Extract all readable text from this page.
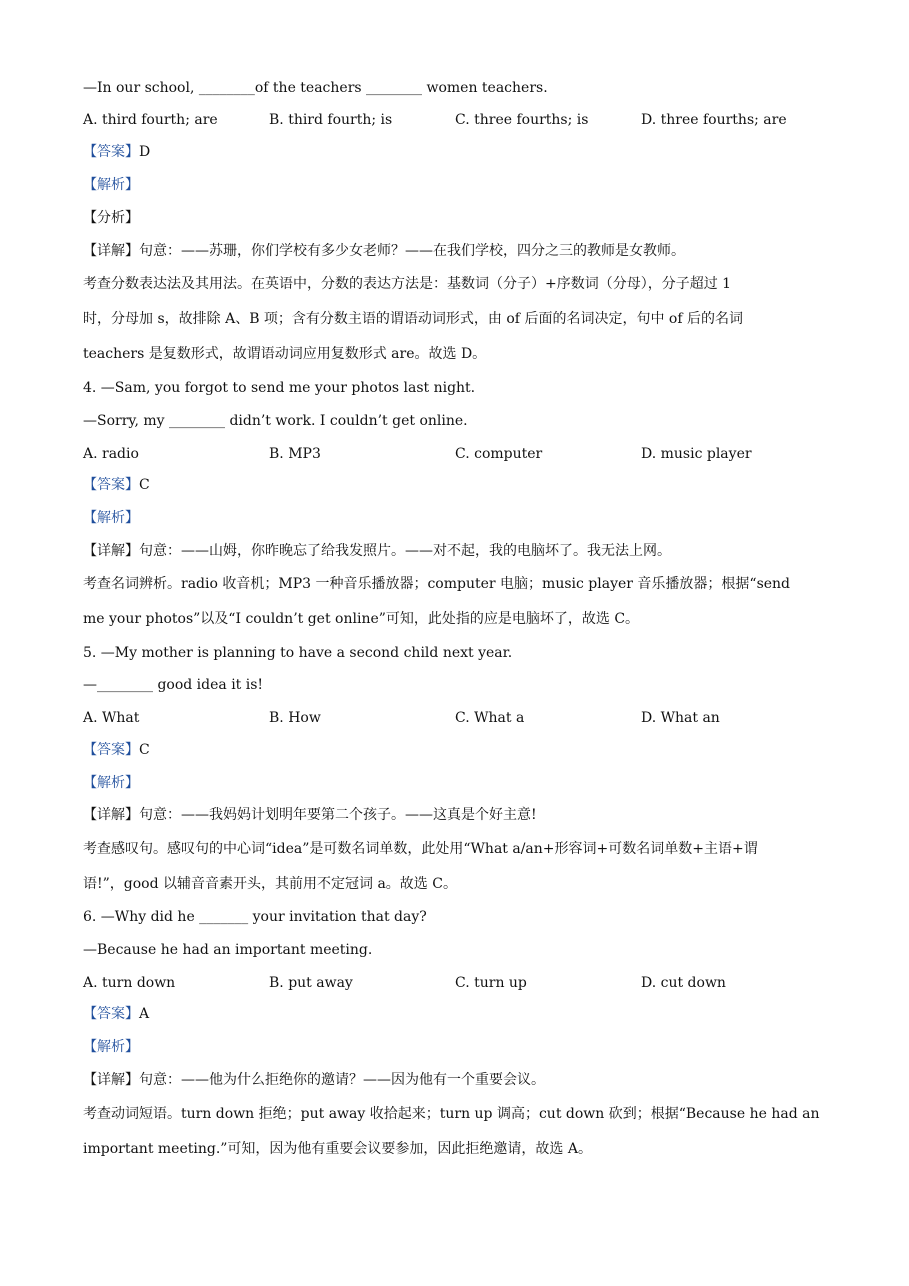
—In our school, ________of the teachers ________ women teachers.
A. third fourth; are	B. third fourth; is	C. three fourths; is	D. three fourths; are
【答案】D
【解析】
【分析】
【详解】句意：——苏珊，你们学校有多少女老师？——在我们学校，四分之三的教师是女教师。
考查分数表达法及其用法。在英语中，分数的表达方法是：基数词（分子）+序数词（分母），分子超过 1
时，分母加 s，故排除 A、B 项；含有分数主语的谓语动词形式，由 of 后面的名词决定，句中 of 后的名词
teachers 是复数形式，故谓语动词应用复数形式 are。故选 D。
4. —Sam, you forgot to send me your photos last night.
—Sorry, my ________ didn’t work. I couldn’t get online.
A. radio	B. MP3	C. computer	D. music player
【答案】C
【解析】
【详解】句意：——山姆，你昨晚忘了给我发照片。——对不起，我的电脑坏了。我无法上网。
考查名词辨析。radio 收音机；MP3 一种音乐播放器；computer 电脑；music player 音乐播放器；根据“send
me your photos”以及“I couldn’t get online”可知，此处指的应是电脑坏了，故选 C。
5. —My mother is planning to have a second child next year.
—________ good idea it is!
A. What	B. How	C. What a	D. What an
【答案】C
【解析】
【详解】句意：——我妈妈计划明年要第二个孩子。——这真是个好主意!
考查感叹句。感叹句的中心词“idea”是可数名词单数，此处用“What a/an+形容词+可数名词单数+主语+谓
语!”，good 以辅音音素开头，其前用不定冠词 a。故选 C。
6. —Why did he _______ your invitation that day?
—Because he had an important meeting.
A. turn down	B. put away	C. turn up	D. cut down
【答案】A
【解析】
【详解】句意：——他为什么拒绝你的邀请？——因为他有一个重要会议。
考查动词短语。turn down 拒绝；put away 收拾起来；turn up 调高；cut down 砍到；根据“Because he had an
important meeting.”可知，因为他有重要会议要参加，因此拒绝邀请，故选 A。
